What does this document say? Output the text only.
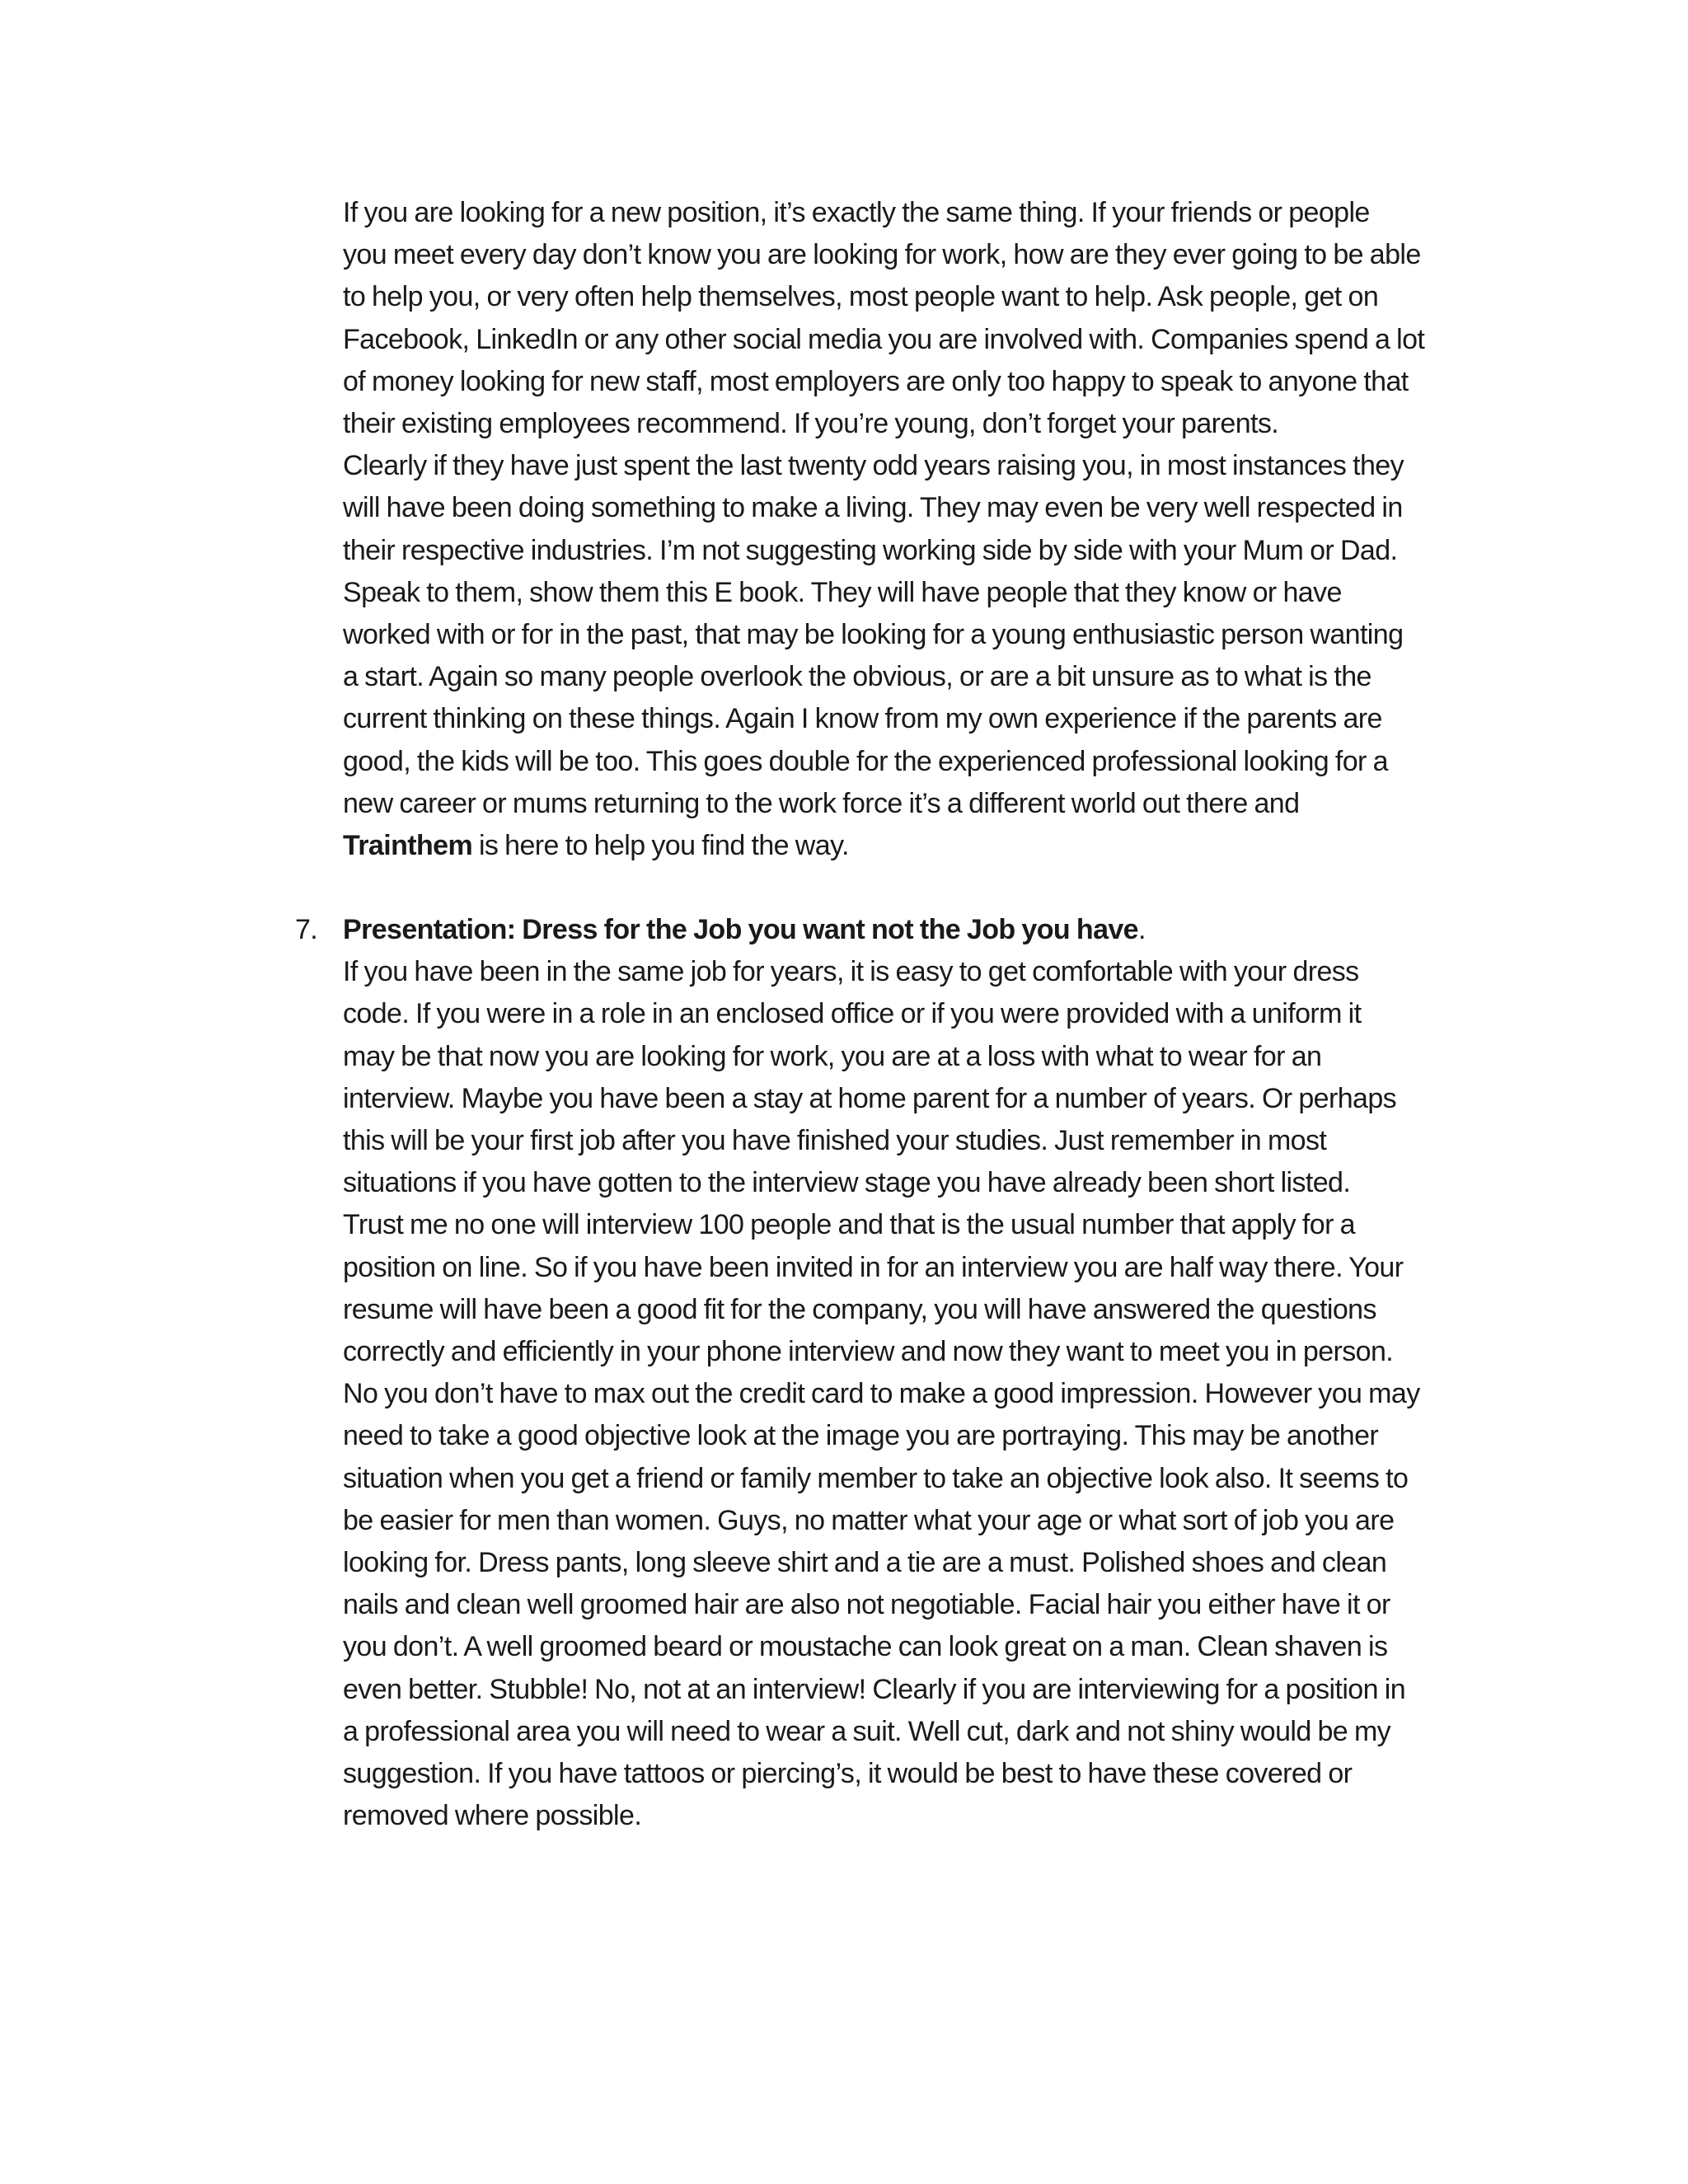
If you are looking for a new position, it’s exactly the same thing. If your friends or people
you meet every day don’t know you are looking for work, how are they ever going to be able
to help you, or very often help themselves, most people want to help. Ask people, get on
Facebook, LinkedIn or any other social media you are involved with. Companies spend a lot
of money looking for new staff, most employers are only too happy to speak to anyone that
their existing employees recommend. If you’re young, don’t forget your parents.
Clearly if they have just spent the last twenty odd years raising you, in most instances they
will have been doing something to make a living. They may even be very well respected in
their respective industries. I’m not suggesting working side by side with your Mum or Dad.
Speak to them, show them this E book. They will have people that they know or have
worked with or for in the past, that may be looking for a young enthusiastic person wanting
a start. Again so many people overlook the obvious, or are a bit unsure as to what is the
current thinking on these things. Again I know from my own experience if the parents are
good, the kids will be too. This goes double for the experienced professional looking for a
new career or mums returning to the work force it’s a different world out there and
Trainthem is here to help you find the way.
7. Presentation: Dress for the Job you want not the Job you have.
If you have been in the same job for years, it is easy to get comfortable with your dress
code. If you were in a role in an enclosed office or if you were provided with a uniform it
may be that now you are looking for work, you are at a loss with what to wear for an
interview. Maybe you have been a stay at home parent for a number of years. Or perhaps
this will be your first job after you have finished your studies. Just remember in most
situations if you have gotten to the interview stage you have already been short listed.
Trust me no one will interview 100 people and that is the usual number that apply for a
position on line. So if you have been invited in for an interview you are half way there. Your
resume will have been a good fit for the company, you will have answered the questions
correctly and efficiently in your phone interview and now they want to meet you in person.
No you don’t have to max out the credit card to make a good impression. However you may
need to take a good objective look at the image you are portraying. This may be another
situation when you get a friend or family member to take an objective look also. It seems to
be easier for men than women. Guys, no matter what your age or what sort of job you are
looking for. Dress pants, long sleeve shirt and a tie are a must. Polished shoes and clean
nails and clean well groomed hair are also not negotiable. Facial hair you either have it or
you don’t. A well groomed beard or moustache can look great on a man. Clean shaven is
even better. Stubble! No, not at an interview! Clearly if you are interviewing for a position in
a professional area you will need to wear a suit. Well cut, dark and not shiny would be my
suggestion. If you have tattoos or piercing’s, it would be best to have these covered or
removed where possible.
